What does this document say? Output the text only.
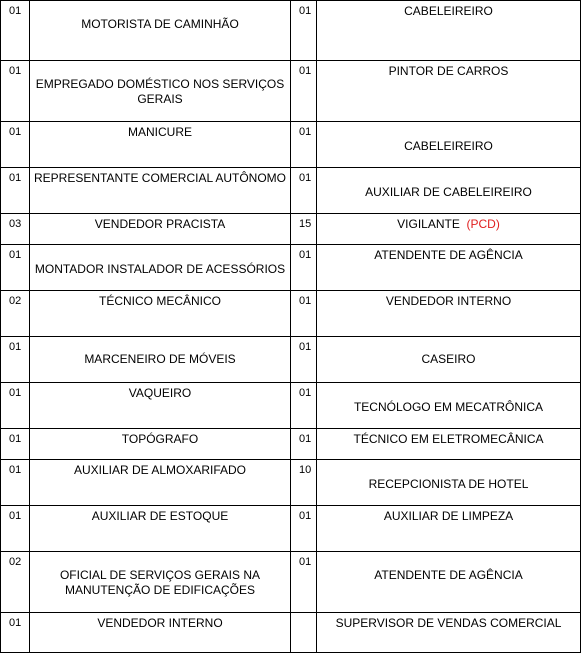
01	MOTORISTA DE CAMINHÃO	01	CABELEIREIRO
01	EMPREGADO DOMÉSTICO NOS SERVIÇOS GERAIS	01	PINTOR DE CARROS
01	MANICURE	01	CABELEIREIRO
01	REPRESENTANTE COMERCIAL AUTÔNOMO	01	AUXILIAR DE CABELEIREIRO
03	VENDEDOR PRACISTA	15	VIGILANTE (PCD)
01	MONTADOR INSTALADOR DE ACESSÓRIOS	01	ATENDENTE DE AGÊNCIA
02	TÉCNICO MECÂNICO	01	VENDEDOR INTERNO
01	MARCENEIRO DE MÓVEIS	01	CASEIRO
01	VAQUEIRO	01	TECNÓLOGO EM MECATRÔNICA
01	TOPÓGRAFO	01	TÉCNICO EM ELETROMECÂNICA
01	AUXILIAR DE ALMOXARIFADO	10	RECEPCIONISTA DE HOTEL
01	AUXILIAR DE ESTOQUE	01	AUXILIAR DE LIMPEZA
02	OFICIAL DE SERVIÇOS GERAIS NA MANUTENÇÃO DE EDIFICAÇÕES	01	ATENDENTE DE AGÊNCIA
01	VENDEDOR INTERNO		SUPERVISOR DE VENDAS COMERCIAL
